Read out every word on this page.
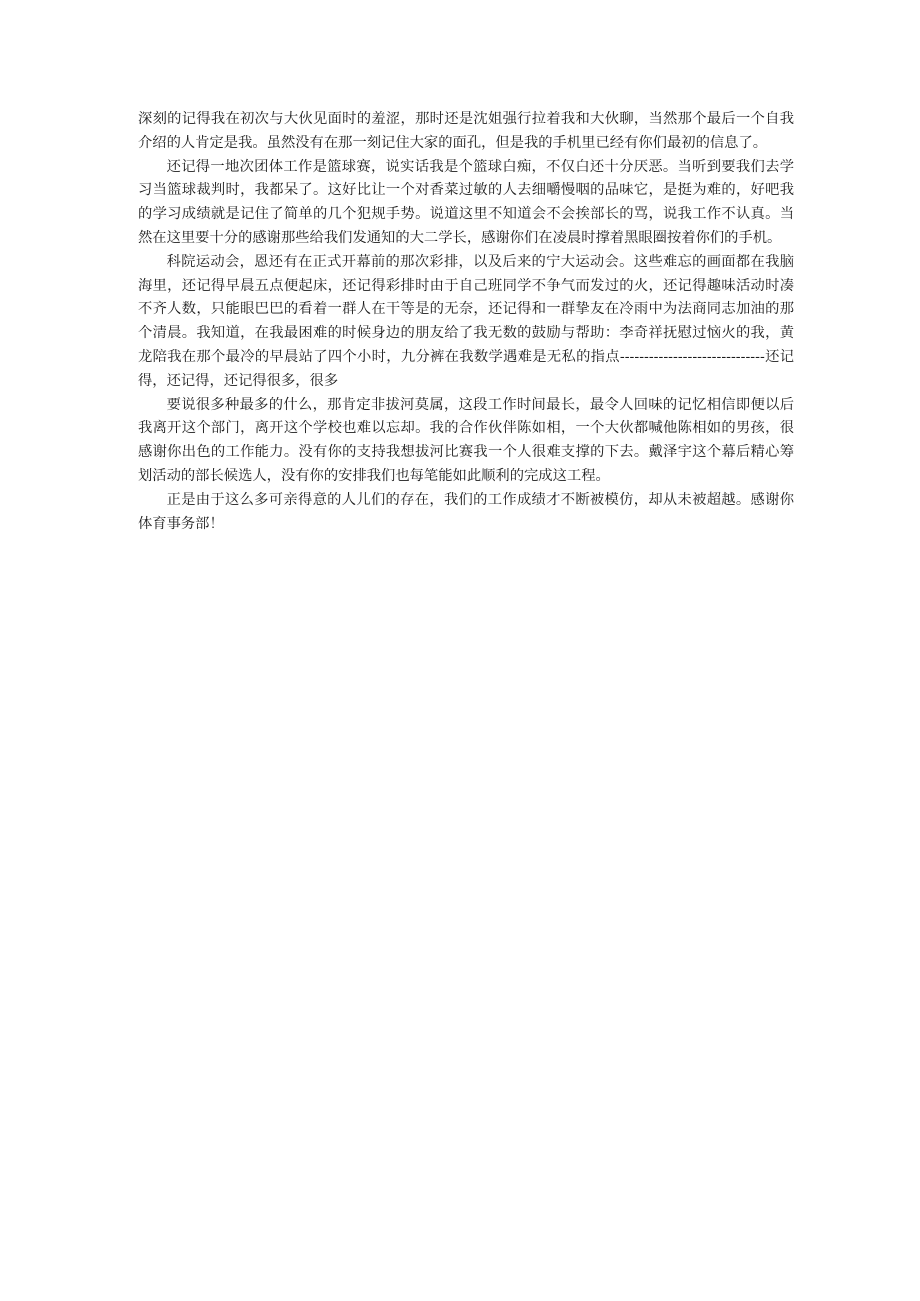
深刻的记得我在初次与大伙见面时的羞涩，那时还是沈姐强行拉着我和大伙聊，当然那个最后一个自我介绍的人肯定是我。虽然没有在那一刻记住大家的面孔，但是我的手机里已经有你们最初的信息了。

还记得一地次团体工作是篮球赛，说实话我是个篮球白痴，不仅白还十分厌恶。当听到要我们去学习当篮球裁判时，我都呆了。这好比让一个对香菜过敏的人去细嚼慢咽的品味它，是挺为难的，好吧我的学习成绩就是记住了简单的几个犯规手势。说道这里不知道会不会挨部长的骂，说我工作不认真。当然在这里要十分的感谢那些给我们发通知的大二学长，感谢你们在凌晨时撑着黑眼圈按着你们的手机。

科院运动会，恩还有在正式开幕前的那次彩排，以及后来的宁大运动会。这些难忘的画面都在我脑海里，还记得早晨五点便起床，还记得彩排时由于自己班同学不争气而发过的火，还记得趣味活动时凑不齐人数，只能眼巴巴的看着一群人在干等是的无奈，还记得和一群挚友在冷雨中为法商同志加油的那个清晨。我知道，在我最困难的时候身边的朋友给了我无数的鼓励与帮助：李奇祥抚慰过恼火的我，黄龙陪我在那个最冷的早晨站了四个小时，九分裤在我数学遇难是无私的指点------------------------------还记得，还记得，还记得很多，很多

要说很多种最多的什么，那肯定非拔河莫属，这段工作时间最长，最令人回味的记忆相信即便以后我离开这个部门，离开这个学校也难以忘却。我的合作伙伴陈如相，一个大伙都喊他陈相如的男孩，很感谢你出色的工作能力。没有你的支持我想拔河比赛我一个人很难支撑的下去。戴泽宇这个幕后精心筹划活动的部长候选人，没有你的安排我们也每笔能如此顺利的完成这工程。

正是由于这么多可亲得意的人儿们的存在，我们的工作成绩才不断被模仿，却从未被超越。感谢你体育事务部！
